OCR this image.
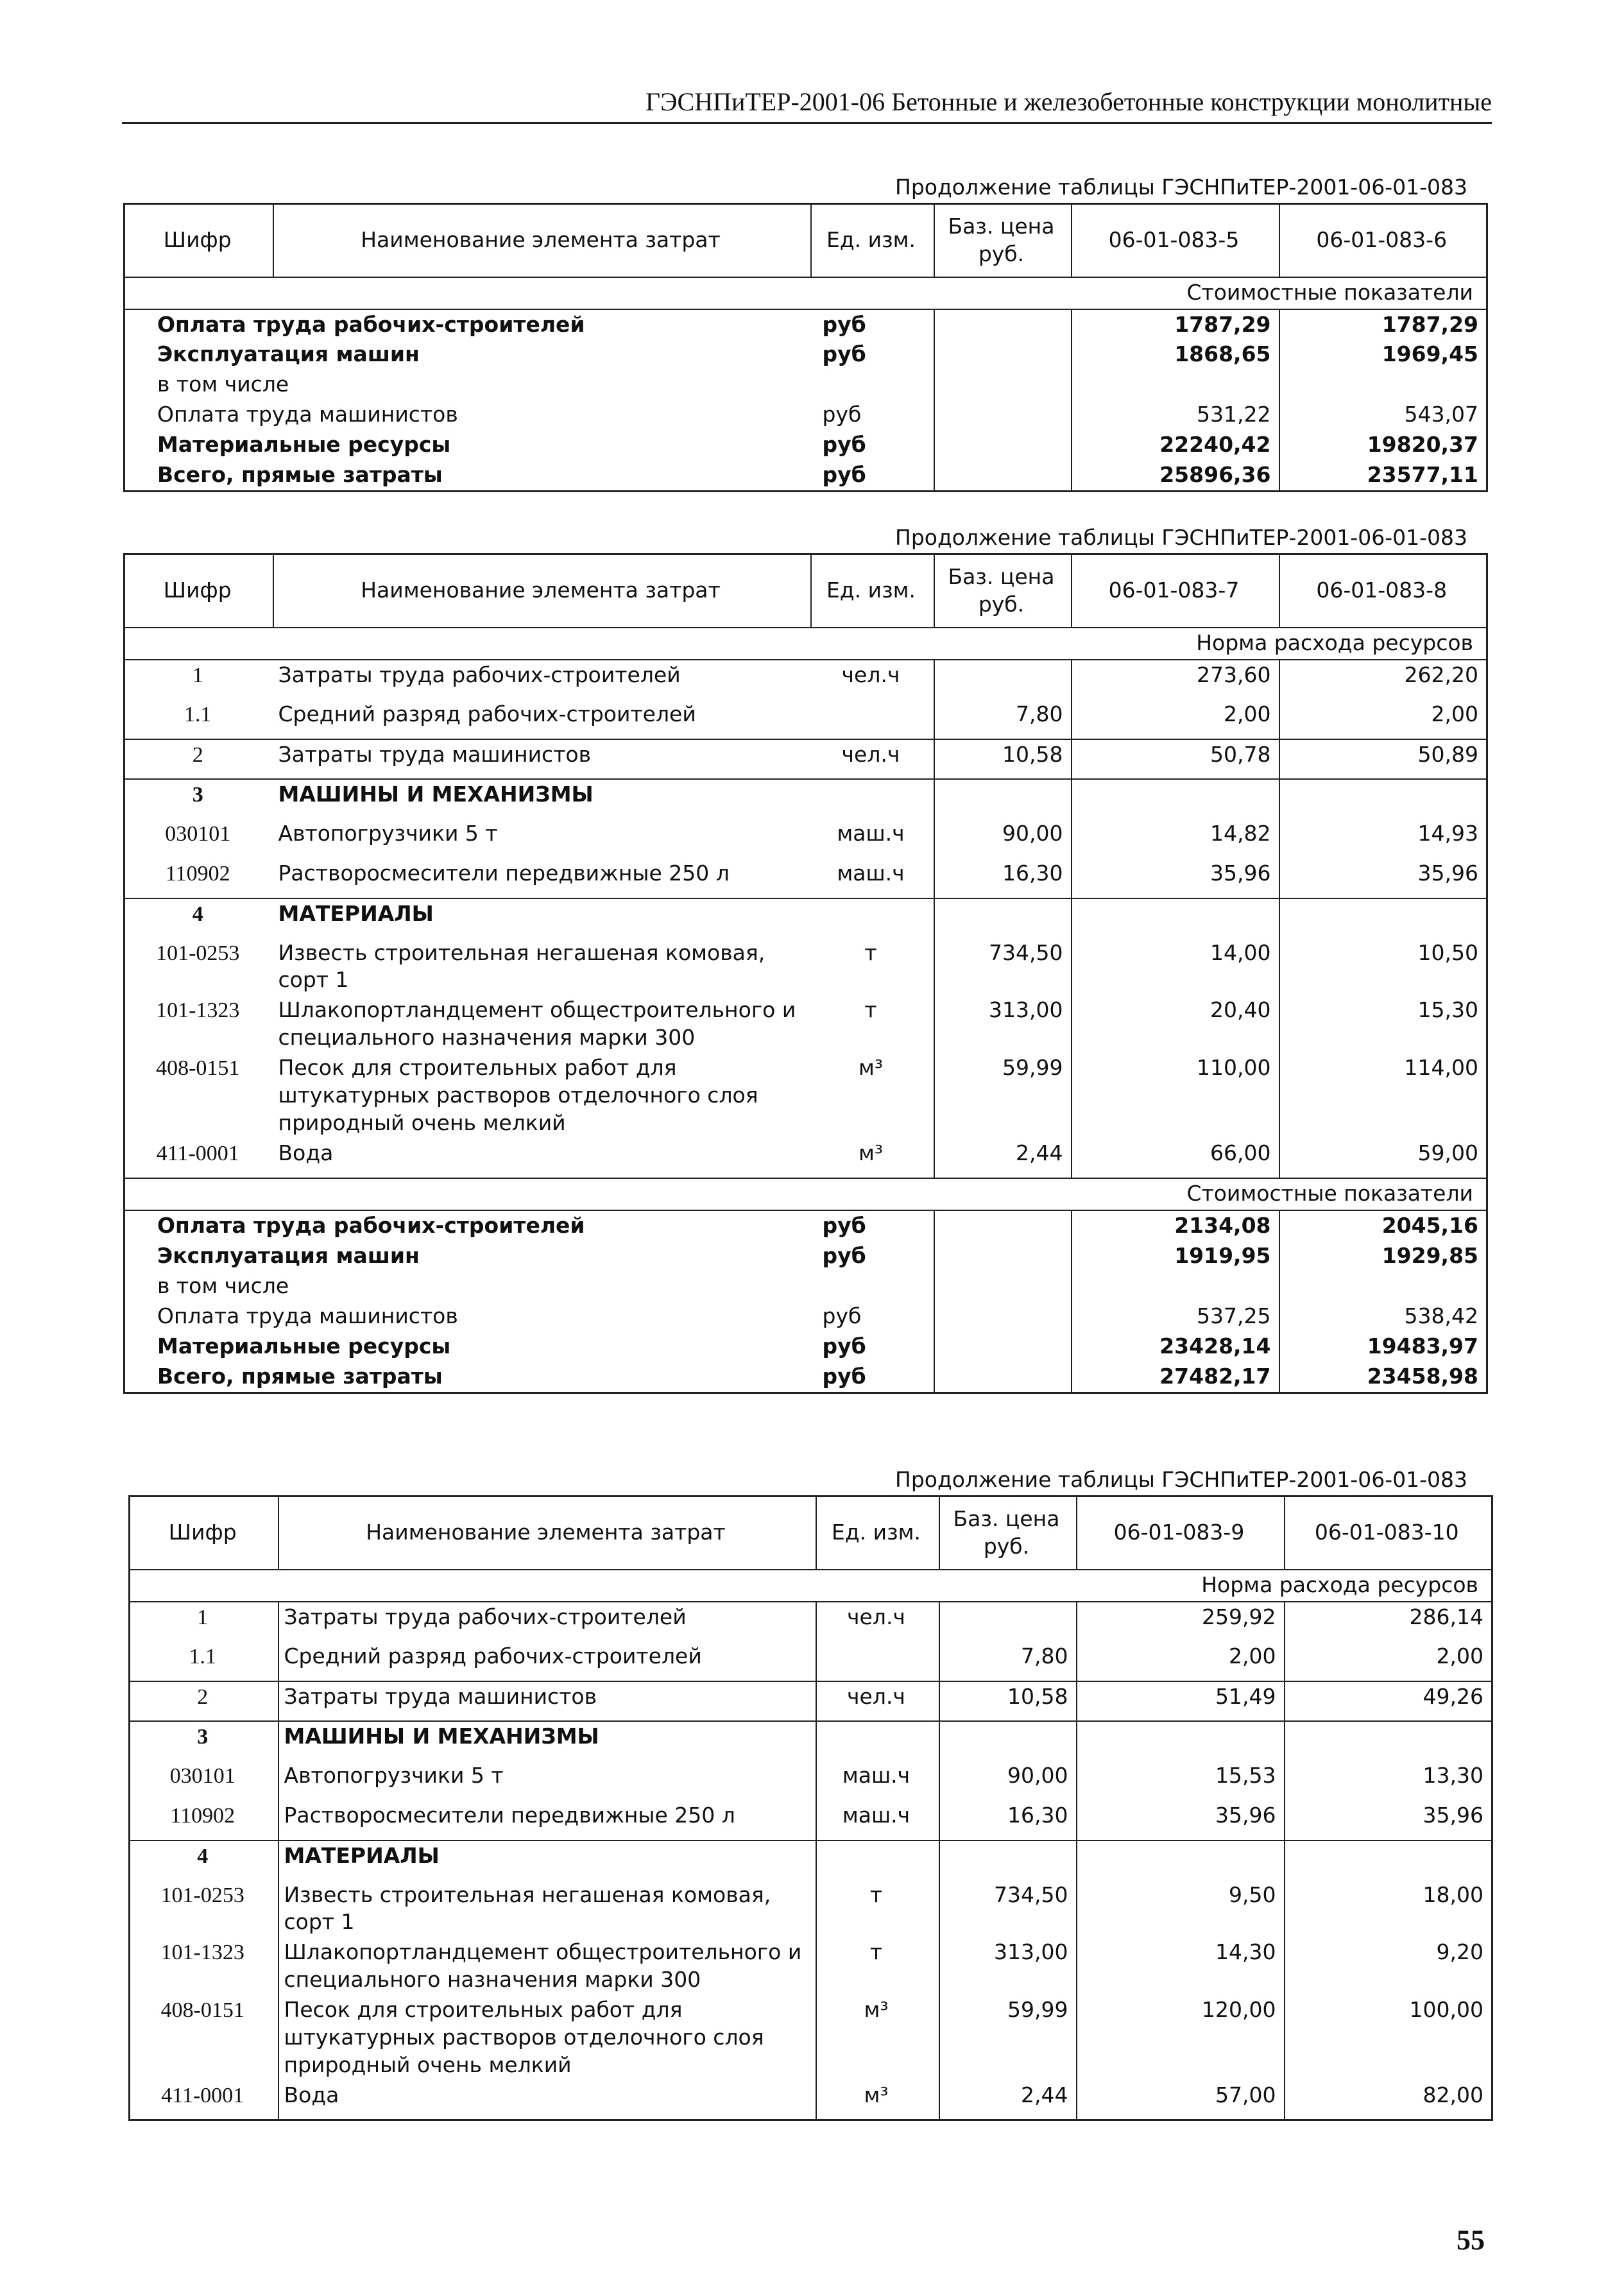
ГЭСНПиТЕР-2001-06 Бетонные и железобетонные конструкции монолитные
Продолжение таблицы ГЭСНПиТЕР-2001-06-01-083
Шифр	Наименование элемента затрат	Ед. изм.	Баз. цена руб.	06-01-083-5	06-01-083-6
Стоимостные показатели					
Оплата труда рабочих-строителей		руб		1787,29	1787,29
Эксплуатация машин		руб		1868,65	1969,45
в том числе					
Оплата труда машинистов		руб		531,22	543,07
Материальные ресурсы		руб		22240,42	19820,37
Всего, прямые затраты		руб		25896,36	23577,11
Продолжение таблицы ГЭСНПиТЕР-2001-06-01-083
Шифр	Наименование элемента затрат	Ед. изм.	Баз. цена руб.	06-01-083-7	06-01-083-8
Норма расхода ресурсов					
1	Затраты труда рабочих-строителей	чел.ч		273,60	262,20
1.1	Средний разряд рабочих-строителей		7,80	2,00	2,00
2	Затраты труда машинистов	чел.ч	10,58	50,78	50,89
3	МАШИНЫ И МЕХАНИЗМЫ				
030101	Автопогрузчики 5 т	маш.ч	90,00	14,82	14,93
110902	Растворосмесители передвижные 250 л	маш.ч	16,30	35,96	35,96
4	МАТЕРИАЛЫ				
101-0253	Известь строительная негашеная комовая, сорт 1	т	734,50	14,00	10,50
101-1323	Шлакопортландцемент общестроительного и специального назначения марки 300	т	313,00	20,40	15,30
408-0151	Песок для строительных работ для штукатурных растворов отделочного слоя природный очень мелкий	м³	59,99	110,00	114,00
411-0001	Вода	м³	2,44	66,00	59,00
Стоимостные показатели					
Оплата труда рабочих-строителей		руб		2134,08	2045,16
Эксплуатация машин		руб		1919,95	1929,85
в том числе					
Оплата труда машинистов		руб		537,25	538,42
Материальные ресурсы		руб		23428,14	19483,97
Всего, прямые затраты		руб		27482,17	23458,98
Продолжение таблицы ГЭСНПиТЕР-2001-06-01-083
Шифр	Наименование элемента затрат	Ед. изм.	Баз. цена руб.	06-01-083-9	06-01-083-10
Норма расхода ресурсов					
1	Затраты труда рабочих-строителей	чел.ч		259,92	286,14
1.1	Средний разряд рабочих-строителей		7,80	2,00	2,00
2	Затраты труда машинистов	чел.ч	10,58	51,49	49,26
3	МАШИНЫ И МЕХАНИЗМЫ				
030101	Автопогрузчики 5 т	маш.ч	90,00	15,53	13,30
110902	Растворосмесители передвижные 250 л	маш.ч	16,30	35,96	35,96
4	МАТЕРИАЛЫ				
101-0253	Известь строительная негашеная комовая, сорт 1	т	734,50	9,50	18,00
101-1323	Шлакопортландцемент общестроительного и специального назначения марки 300	т	313,00	14,30	9,20
408-0151	Песок для строительных работ для штукатурных растворов отделочного слоя природный очень мелкий	м³	59,99	120,00	100,00
411-0001	Вода	м³	2,44	57,00	82,00
55
